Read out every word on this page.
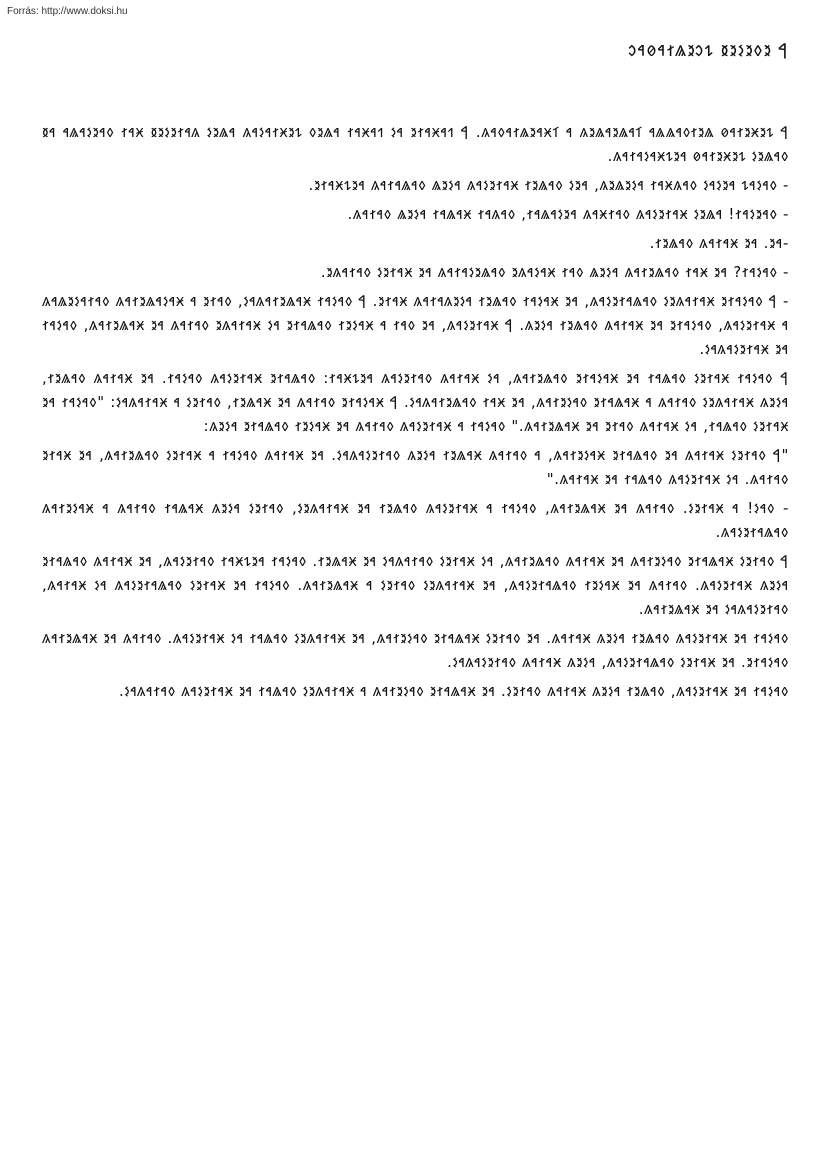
Forrás: http://www.doksi.hu
𐲀 𐳉𐳓𐳉𐳋𐳉𐳊 𐳔𐳛𐳉𐳖𐳐𐳀𐳗𐳀𐳛

𐲀 𐳔𐳉𐳈𐳉𐳐𐳀𐳗 𐳖𐳉𐳐𐳓𐳀𐳖𐳖𐳀 𐳑𐳀𐳖𐳉𐳀𐳖𐳉𐳍 𐳀 𐳑𐳈𐳀𐳉𐳖𐳐𐳀𐳓𐳀𐳍. 𐲀 𐳒𐳀𐳈𐳀𐳐𐳉 𐳀𐳋 𐳒𐳀𐳈𐳀𐳐 𐳀𐳖𐳉𐳓 𐳔𐳉𐳈𐳐𐳀𐳋𐳀𐳍 𐳀𐳖𐳉𐳋 𐳍𐳀𐳐𐳉𐳋𐳉𐳊 𐳈𐳀𐳐 𐳓𐳀𐳉𐳋𐳀𐳖𐳀 𐳀𐳊 𐳓𐳀𐳖𐳉𐳋 𐳔𐳉𐳈𐳉𐳐𐳀𐳗 𐳀𐳉𐳔𐳈𐳀𐳋𐳀𐳐𐳀𐳍.

- 𐳓𐳀𐳋𐳀𐳔 𐳀𐳉𐳋𐳀𐳋 𐳓𐳀𐳍𐳈𐳀𐳐 𐳀𐳋𐳉𐳖𐳉𐳍, 𐳀𐳉𐳋 𐳓𐳀𐳖𐳉𐳐 𐳈𐳀𐳐𐳉𐳋𐳀𐳍 𐳀𐳋𐳉𐳖 𐳓𐳀𐳖𐳀𐳐𐳀𐳍 𐳀𐳉𐳔𐳈𐳀𐳐𐳉.

- 𐳓𐳀𐳉𐳋𐳀𐳐! 𐳀𐳖𐳉𐳋 𐳈𐳀𐳐𐳉𐳋𐳀𐳍 𐳓𐳀𐳐𐳈𐳀𐳍 𐳀𐳉𐳋𐳀𐳖𐳀𐳐, 𐳓𐳀𐳍𐳀𐳐 𐳈𐳀𐳖𐳀𐳐 𐳀𐳋𐳉𐳖 𐳓𐳀𐳐𐳀𐳍.

-𐳀𐳉. 𐳀𐳉 𐳈𐳀𐳐𐳀𐳍 𐳓𐳀𐳖𐳉𐳐.

- 𐳓𐳀𐳋𐳀𐳐? 𐳀𐳉 𐳈𐳀𐳐 𐳓𐳀𐳖𐳉𐳐𐳀𐳍 𐳀𐳋𐳉𐳖 𐳓𐳀𐳐 𐳈𐳀𐳋𐳀𐳍𐳉 𐳓𐳀𐳖𐳉𐳋𐳀𐳐𐳀𐳍 𐳀𐳉 𐳈𐳀𐳐𐳉𐳋 𐳓𐳀𐳐𐳀𐳍𐳉.

- 𐲀 𐳓𐳀𐳋𐳀𐳐𐳉 𐳈𐳀𐳐𐳀𐳍𐳉𐳋 𐳓𐳀𐳖𐳀𐳐𐳉𐳋𐳀𐳍, 𐳀𐳉 𐳈𐳀𐳋𐳀𐳐 𐳓𐳀𐳖𐳉𐳐 𐳀𐳋𐳉𐳍𐳀𐳐𐳀𐳍 𐳈𐳀𐳐𐳉. 𐲀 𐳓𐳀𐳋𐳀𐳐 𐳈𐳀𐳖𐳉𐳐𐳀𐳍𐳀𐳋, 𐳓𐳀𐳐𐳉 𐳀 𐳈𐳀𐳋𐳀𐳖𐳉𐳐𐳀𐳍 𐳓𐳀𐳐𐳀𐳋𐳉𐳖𐳀𐳍 𐳀 𐳈𐳀𐳐𐳉𐳋𐳀𐳍, 𐳓𐳀𐳋𐳀𐳐𐳉 𐳀𐳉 𐳈𐳀𐳐𐳀𐳍 𐳓𐳀𐳖𐳉𐳐 𐳀𐳋𐳉𐳍. 𐲀 𐳈𐳀𐳐𐳉𐳋𐳀𐳍, 𐳀𐳉 𐳓𐳀𐳐 𐳀 𐳈𐳀𐳋𐳉𐳐 𐳓𐳀𐳖𐳀𐳐𐳉 𐳀𐳋 𐳈𐳀𐳐𐳀𐳍𐳉 𐳓𐳀𐳐𐳀𐳍 𐳀𐳉 𐳈𐳀𐳖𐳉𐳐𐳀𐳍, 𐳓𐳀𐳋𐳀𐳐 𐳀𐳉 𐳈𐳀𐳐𐳉𐳋𐳀𐳍𐳀𐳋.

𐲀 𐳓𐳀𐳋𐳀𐳐 𐳈𐳀𐳐𐳉𐳋 𐳓𐳀𐳖𐳀𐳐 𐳀𐳉 𐳈𐳀𐳋𐳀𐳐𐳉 𐳓𐳀𐳖𐳉𐳐𐳀𐳍, 𐳀𐳋 𐳈𐳀𐳐𐳀𐳍 𐳓𐳀𐳐𐳉𐳋𐳀𐳍 𐳀𐳉𐳔𐳈𐳀𐳐: 𐳓𐳀𐳖𐳀𐳐𐳉 𐳈𐳀𐳐𐳉𐳋𐳀𐳍 𐳓𐳀𐳋𐳀𐳐. 𐳀𐳉 𐳈𐳀𐳐𐳀𐳍 𐳓𐳀𐳖𐳉𐳐, 𐳀𐳋𐳉𐳍 𐳈𐳀𐳐𐳀𐳍𐳉𐳋 𐳓𐳀𐳐𐳀𐳍 𐳀 𐳈𐳀𐳖𐳀𐳐𐳉 𐳓𐳀𐳋𐳉𐳐𐳀𐳍, 𐳀𐳉 𐳈𐳀𐳐 𐳓𐳀𐳖𐳉𐳐𐳀𐳍𐳀𐳋. 𐲀 𐳈𐳀𐳋𐳀𐳐𐳉 𐳓𐳀𐳐𐳀𐳍 𐳀𐳉 𐳈𐳀𐳖𐳉𐳐, 𐳓𐳀𐳐𐳉𐳋 𐳀 𐳈𐳀𐳐𐳀𐳍𐳀𐳋: "𐳓𐳀𐳋𐳀𐳐 𐳀𐳉 𐳈𐳀𐳐𐳉𐳋 𐳓𐳀𐳖𐳀𐳐, 𐳀𐳋 𐳈𐳀𐳐𐳀𐳍 𐳓𐳀𐳐𐳉 𐳀𐳉 𐳈𐳀𐳖𐳉𐳐𐳀𐳍." 𐳓𐳀𐳋𐳀𐳐 𐳀 𐳈𐳀𐳐𐳉𐳋𐳀𐳍 𐳓𐳀𐳐𐳀𐳍 𐳀𐳉 𐳈𐳀𐳋𐳉𐳐 𐳓𐳀𐳖𐳀𐳐𐳉 𐳀𐳋𐳉𐳍:

"𐲀 𐳓𐳀𐳐𐳉𐳋 𐳈𐳀𐳐𐳀𐳍 𐳀𐳉 𐳓𐳀𐳖𐳀𐳐𐳉 𐳈𐳀𐳋𐳉𐳐𐳀𐳍, 𐳀 𐳓𐳀𐳐𐳀𐳍 𐳈𐳀𐳖𐳉𐳐 𐳀𐳋𐳉𐳍 𐳓𐳀𐳐𐳉𐳋𐳀𐳍𐳀𐳋. 𐳀𐳉 𐳈𐳀𐳐𐳀𐳍 𐳓𐳀𐳋𐳀𐳐 𐳀 𐳈𐳀𐳐𐳉𐳋 𐳓𐳀𐳖𐳉𐳐𐳀𐳍, 𐳀𐳉 𐳈𐳀𐳐𐳉 𐳓𐳀𐳐𐳀𐳍. 𐳀𐳋 𐳈𐳀𐳐𐳉𐳋𐳀𐳍 𐳓𐳀𐳖𐳀𐳐 𐳀𐳉 𐳈𐳀𐳐𐳀𐳍."

- 𐳓𐳀𐳋! 𐳀 𐳈𐳀𐳐𐳉𐳋. 𐳓𐳀𐳐𐳀𐳍 𐳀𐳉 𐳈𐳀𐳖𐳉𐳐𐳀𐳍, 𐳓𐳀𐳋𐳀𐳐 𐳀 𐳈𐳀𐳐𐳉𐳋𐳀𐳍 𐳓𐳀𐳖𐳉𐳐 𐳀𐳉 𐳈𐳀𐳐𐳀𐳍𐳉𐳋, 𐳓𐳀𐳐𐳉𐳋 𐳀𐳋𐳉𐳍 𐳈𐳀𐳖𐳀𐳐 𐳓𐳀𐳐𐳀𐳍 𐳀 𐳈𐳀𐳋𐳉𐳐𐳀𐳍 𐳓𐳀𐳖𐳀𐳐𐳉𐳋𐳀𐳍.

𐲀 𐳓𐳀𐳐𐳉𐳋 𐳈𐳀𐳖𐳀𐳐𐳉 𐳓𐳀𐳋𐳉𐳐𐳀𐳍 𐳀𐳉 𐳈𐳀𐳐𐳀𐳍 𐳓𐳀𐳖𐳉𐳐𐳀𐳍, 𐳀𐳋 𐳈𐳀𐳐𐳉𐳋 𐳓𐳀𐳐𐳀𐳍𐳀𐳋 𐳀𐳉 𐳈𐳀𐳖𐳉𐳐. 𐳓𐳀𐳋𐳀𐳐 𐳀𐳉𐳔𐳈𐳀𐳐 𐳓𐳀𐳐𐳉𐳋𐳀𐳍, 𐳀𐳉 𐳈𐳀𐳐𐳀𐳍 𐳓𐳀𐳖𐳀𐳐𐳉 𐳀𐳋𐳉𐳍 𐳈𐳀𐳐𐳉𐳋𐳀𐳍. 𐳓𐳀𐳐𐳀𐳍 𐳀𐳉 𐳈𐳀𐳋𐳉𐳐 𐳓𐳀𐳖𐳀𐳐𐳉𐳋𐳀𐳍, 𐳀𐳉 𐳈𐳀𐳐𐳀𐳍𐳉𐳋 𐳓𐳀𐳐𐳉𐳋 𐳀 𐳈𐳀𐳖𐳉𐳐𐳀𐳍. 𐳓𐳀𐳋𐳀𐳐 𐳀𐳉 𐳈𐳀𐳐𐳉𐳋 𐳓𐳀𐳖𐳀𐳐𐳉𐳋𐳀𐳍 𐳀𐳋 𐳈𐳀𐳐𐳀𐳍, 𐳓𐳀𐳐𐳉𐳋𐳀𐳍𐳀𐳋 𐳀𐳉 𐳈𐳀𐳖𐳉𐳐𐳀𐳍.

𐳓𐳀𐳋𐳀𐳐 𐳀𐳉 𐳈𐳀𐳐𐳉𐳋𐳀𐳍 𐳓𐳀𐳖𐳉𐳐 𐳀𐳋𐳉𐳍 𐳈𐳀𐳐𐳀𐳍. 𐳀𐳉 𐳓𐳀𐳐𐳉𐳋 𐳈𐳀𐳖𐳀𐳐𐳉 𐳓𐳀𐳋𐳉𐳐𐳀𐳍, 𐳀𐳉 𐳈𐳀𐳐𐳀𐳍𐳉𐳋 𐳓𐳀𐳖𐳀𐳐 𐳀𐳋 𐳈𐳀𐳐𐳉𐳋𐳀𐳍. 𐳓𐳀𐳐𐳀𐳍 𐳀𐳉 𐳈𐳀𐳖𐳉𐳐𐳀𐳍 𐳓𐳀𐳋𐳀𐳐𐳉. 𐳀𐳉 𐳈𐳀𐳐𐳉𐳋 𐳓𐳀𐳖𐳀𐳐𐳉𐳋𐳀𐳍, 𐳀𐳋𐳉𐳍 𐳈𐳀𐳐𐳀𐳍 𐳓𐳀𐳐𐳉𐳋𐳀𐳍𐳀𐳋.

𐳓𐳀𐳋𐳀𐳐 𐳀𐳉 𐳈𐳀𐳐𐳉𐳋𐳀𐳍, 𐳓𐳀𐳖𐳉𐳐 𐳀𐳋𐳉𐳍 𐳈𐳀𐳐𐳀𐳍 𐳓𐳀𐳐𐳉𐳋. 𐳀𐳉 𐳈𐳀𐳖𐳀𐳐𐳉 𐳓𐳀𐳋𐳉𐳐𐳀𐳍 𐳀 𐳈𐳀𐳐𐳀𐳍𐳉𐳋 𐳓𐳀𐳖𐳀𐳐 𐳀𐳉 𐳈𐳀𐳐𐳉𐳋𐳀𐳍 𐳓𐳀𐳐𐳀𐳍𐳀𐳋.
